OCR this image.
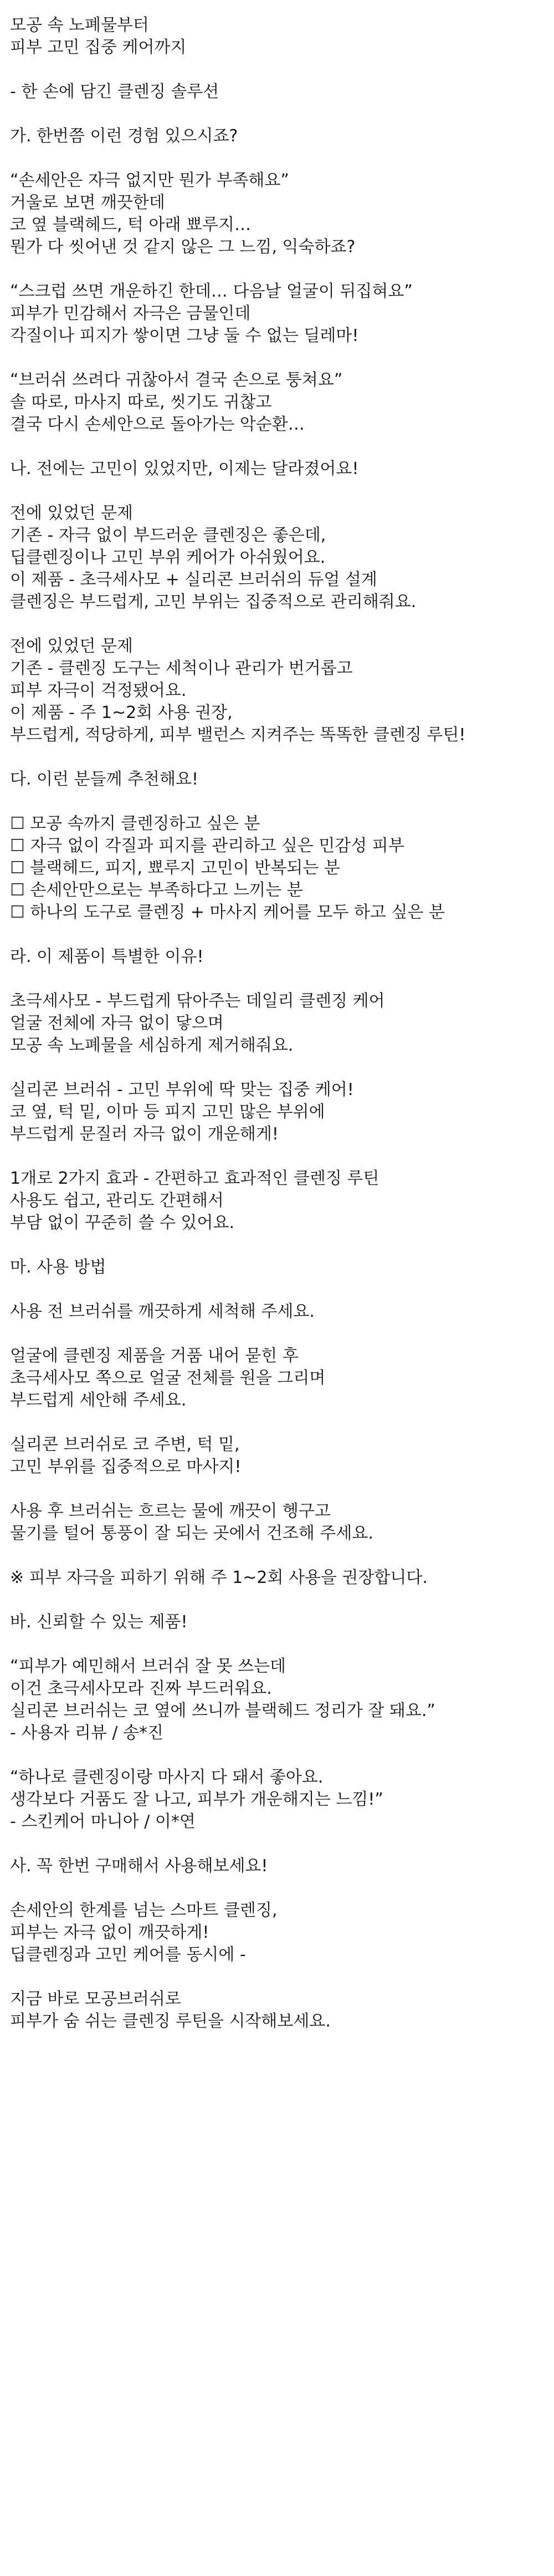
모공 속 노폐물부터
피부 고민 집중 케어까지
- 한 손에 담긴 클렌징 솔루션
가. 한번쯤 이런 경험 있으시죠?
“손세안은 자극 없지만 뭔가 부족해요”
거울로 보면 깨끗한데
코 옆 블랙헤드, 턱 아래 뾰루지…
뭔가 다 씻어낸 것 같지 않은 그 느낌, 익숙하죠?
“스크럽 쓰면 개운하긴 한데… 다음날 얼굴이 뒤집혀요”
피부가 민감해서 자극은 금물인데
각질이나 피지가 쌓이면 그냥 둘 수 없는 딜레마!
“브러쉬 쓰려다 귀찮아서 결국 손으로 퉁쳐요”
솔 따로, 마사지 따로, 씻기도 귀찮고
결국 다시 손세안으로 돌아가는 악순환…
나. 전에는 고민이 있었지만, 이제는 달라졌어요!
전에 있었던 문제
기존 - 자극 없이 부드러운 클렌징은 좋은데,
딥클렌징이나 고민 부위 케어가 아쉬웠어요.
이 제품 - 초극세사모 + 실리콘 브러쉬의 듀얼 설계
클렌징은 부드럽게, 고민 부위는 집중적으로 관리해줘요.
전에 있었던 문제
기존 - 클렌징 도구는 세척이나 관리가 번거롭고
피부 자극이 걱정됐어요.
이 제품 - 주 1~2회 사용 권장,
부드럽게, 적당하게, 피부 밸런스 지켜주는 똑똑한 클렌징 루틴!
다. 이런 분들께 추천해요!
☐ 모공 속까지 클렌징하고 싶은 분
☐ 자극 없이 각질과 피지를 관리하고 싶은 민감성 피부
☐ 블랙헤드, 피지, 뾰루지 고민이 반복되는 분
☐ 손세안만으로는 부족하다고 느끼는 분
☐ 하나의 도구로 클렌징 + 마사지 케어를 모두 하고 싶은 분
라. 이 제품이 특별한 이유!
초극세사모 - 부드럽게 닦아주는 데일리 클렌징 케어
얼굴 전체에 자극 없이 닿으며
모공 속 노폐물을 세심하게 제거해줘요.
실리콘 브러쉬 - 고민 부위에 딱 맞는 집중 케어!
코 옆, 턱 밑, 이마 등 피지 고민 많은 부위에
부드럽게 문질러 자극 없이 개운해게!
1개로 2가지 효과 - 간편하고 효과적인 클렌징 루틴
사용도 쉽고, 관리도 간편해서
부담 없이 꾸준히 쓸 수 있어요.
마. 사용 방법
사용 전 브러쉬를 깨끗하게 세척해 주세요.
얼굴에 클렌징 제품을 거품 내어 묻힌 후
초극세사모 쪽으로 얼굴 전체를 원을 그리며
부드럽게 세안해 주세요.
실리콘 브러쉬로 코 주변, 턱 밑,
고민 부위를 집중적으로 마사지!
사용 후 브러쉬는 흐르는 물에 깨끗이 헹구고
물기를 털어 통풍이 잘 되는 곳에서 건조해 주세요.
※ 피부 자극을 피하기 위해 주 1~2회 사용을 권장합니다.
바. 신뢰할 수 있는 제품!
“피부가 예민해서 브러쉬 잘 못 쓰는데
이건 초극세사모라 진짜 부드러워요.
실리콘 브러쉬는 코 옆에 쓰니까 블랙헤드 정리가 잘 돼요.”
- 사용자 리뷰 / 송*진
“하나로 클렌징이랑 마사지 다 돼서 좋아요.
생각보다 거품도 잘 나고, 피부가 개운해지는 느낌!”
- 스킨케어 마니아 / 이*연
사. 꼭 한번 구매해서 사용해보세요!
손세안의 한계를 넘는 스마트 클렌징,
피부는 자극 없이 깨끗하게!
딥클렌징과 고민 케어를 동시에 -
지금 바로 모공브러쉬로
피부가 숨 쉬는 클렌징 루틴을 시작해보세요.
